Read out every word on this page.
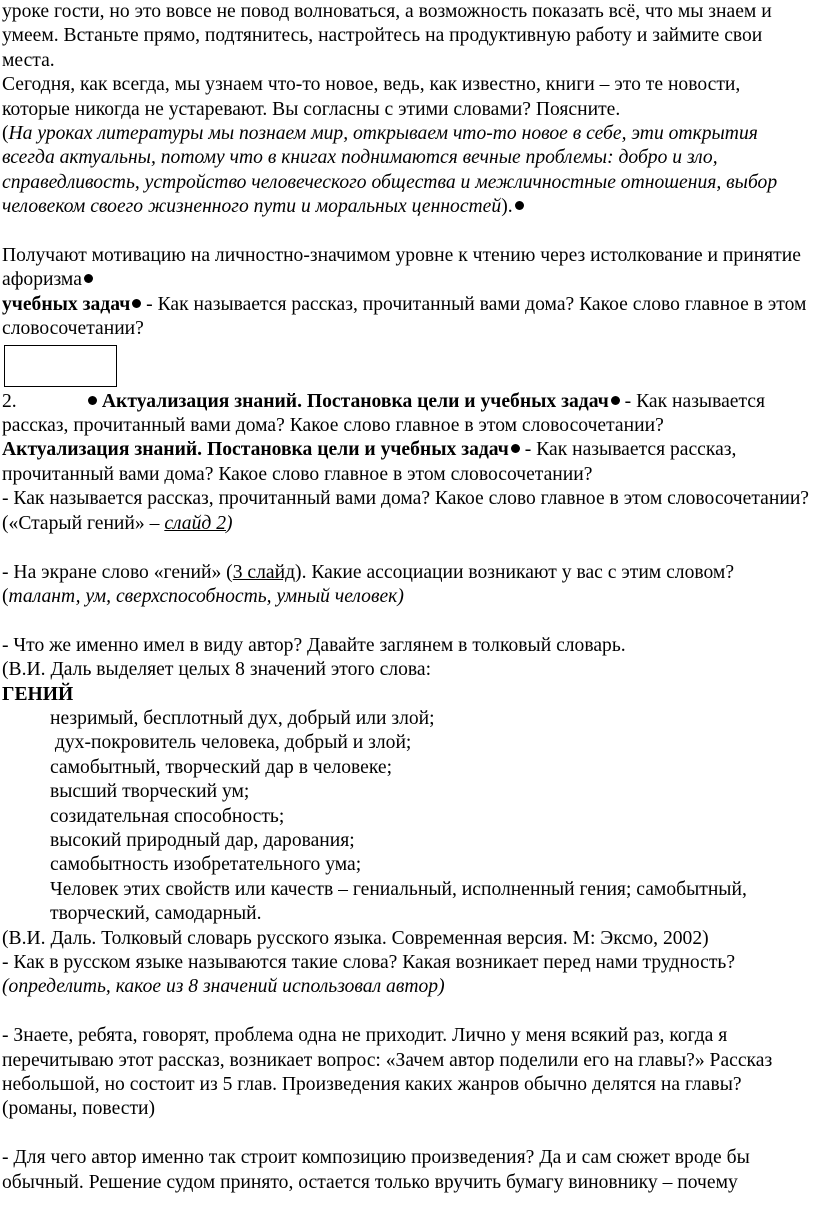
уроке гости, но это вовсе не повод волноваться, а возможность показать всё, что мы знаем и умеем. Встаньте прямо, подтянитесь, настройтесь на продуктивную работу и займите свои места.

Сегодня, как всегда, мы узнаем что-то новое, ведь, как известно, книги – это те новости, которые никогда не устаревают. Вы согласны с этими словами? Поясните.

(На уроках литературы мы познаем мир, открываем что-то новое в себе, эти открытия всегда актуальны, потому что в книгах поднимаются вечные проблемы: добро и зло, справедливость, устройство человеческого общества и межличностные отношения, выбор человеком своего жизненного пути и моральных ценностей).

Получают мотивацию на личностно-значимом уровне к чтению через истолкование и принятие афоризма

учебных задач - Как называется рассказ, прочитанный вами дома? Какое слово главное в этом словосочетании?

2.	Актуализация знаний. Постановка цели и учебных задач - Как называется рассказ, прочитанный вами дома? Какое слово главное в этом словосочетании?

Актуализация знаний. Постановка цели и учебных задач - Как называется рассказ, прочитанный вами дома? Какое слово главное в этом словосочетании?

- Как называется рассказ, прочитанный вами дома? Какое слово главное в этом словосочетании?

(«Старый гений» – слайд 2)

- На экране слово «гений» (3 слайд). Какие ассоциации возникают у вас с этим словом?

(талант, ум, сверхспособность, умный человек)

- Что же именно имел в виду автор? Давайте заглянем в толковый словарь.

(В.И. Даль выделяет целых 8 значений этого слова:

ГЕНИЙ

незримый, бесплотный дух, добрый или злой;

дух-покровитель человека, добрый и злой;

самобытный, творческий дар в человеке;

высший творческий ум;

созидательная способность;

высокий природный дар, дарования;

самобытность изобретательного ума;

Человек этих свойств или качеств – гениальный, исполненный гения; самобытный, творческий, самодарный.

(В.И. Даль. Толковый словарь русского языка. Современная версия. М: Эксмо, 2002)

- Как в русском языке называются такие слова? Какая возникает перед нами трудность?

(определить, какое из 8 значений использовал автор)

- Знаете, ребята, говорят, проблема одна не приходит. Лично у меня всякий раз, когда я перечитываю этот рассказ, возникает вопрос: «Зачем автор поделили его на главы?» Рассказ небольшой, но состоит из 5 глав. Произведения каких жанров обычно делятся на главы?

(романы, повести)

- Для чего автор именно так строит композицию произведения? Да и сам сюжет вроде бы обычный. Решение судом принято, остается только вручить бумагу виновнику – почему
